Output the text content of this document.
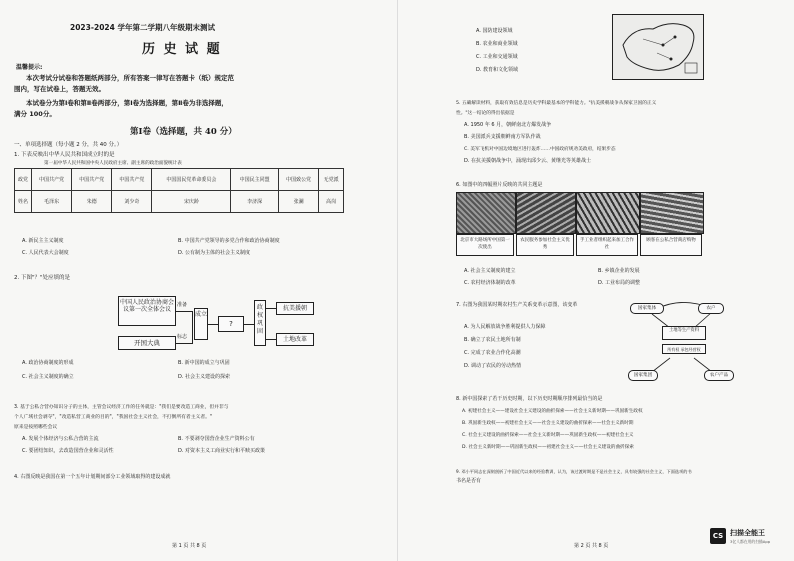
2023-2024 学年第二学期八年级期末测试
历 史 试 题
温馨提示:
本次考试分试卷和答题纸两部分，所有答案一律写在答题卡（纸）规定范
围内，写在试卷上，答题无效。
本试卷分为第Ⅰ卷和第Ⅱ卷两部分，第Ⅰ卷为选择题，第Ⅱ卷为非选择题，
满分 100分。
第Ⅰ卷（选择题，共 40 分）
一、单项选择题（每小题 2 分，共 40 分。）
1. 下表反映出中华人民共和国成立时的是
第一届中华人民共和国中央人民政府主席、副主席的政治面貌统计表
政党	中国共产党	中国共产党	中国共产党	中国国民党革命委员会	中国民主同盟	中国致公党	无党派
姓名	毛泽东	朱德	刘少奇	宋庆龄	李济深	张澜	高岗
A. 新民主主义制度	B. 中国共产党领导的多党合作和政治协商制度
C. 人民代表大会制度	D. 公有制为主体的社会主义制度
2. 下图"？"处应填的是
中国人民政治协商会议第一次全体会议
开国大典
准备
标志
成立
?
政权巩固
抗美援朝
土地改革
A. 政治协商制度的形成	B. 新中国的成立与巩固
C. 社会主义制度的确立	D. 社会主义建设的探索
3. 基于公私合营办知识分子的主体，主管会议经济工作的任务就是："我们是要改造工商业，但并非与
个人广域社会剥夺"，"改造私营工商业的目的"，"我国社会主义社会，不打倒所有者主义者。"
原来是按照哪些会议
A. 发展个体经济与公私合营的主流	B. 不要剥夺国营企业生产资料公有
C. 要团结知识，去改造国营企业和灵活性	D. 对资本主义工商业实行和平赎买政策
4. 右图反映是我国在第一个五年计划期间部分工业领域取得的建设成就
第 1 页 共 8 页
A. 国防建设领域
B. 农业和商业领域
C. 工业和交通领域
D. 教育和文化领域
5. 五确解读材料，获取有效信息是历史学科最基本的学科能力。"抗美援朝战争从保家卫国的正义
性。"这一结论的得出依据是
A. 1950 年 6 月，朝鲜南北方爆发战争
B. 美国派兵支援朝鲜南方军队作战
C. 美军飞机对中国边境地区进行轰炸……中国政府规劝美政府，结果步态
D. 在抗美援朝战争中，涌现出邱少云、黄继光等英雄战士
6. 如图中的四幅照片反映的共同主题是
北京市大路场所中国第一次使出
农民服务参加社会主义优秀
手工业者组织起来加工合作社
顾客在公私合营商店购物
A. 社会主义制度的建立	B. 乡镇企业的发展
C. 农村经济体制的改革	D. 工业布局的调整
7. 右图为我国某时期农村生产关系变革示意图，该变革
A. 为人民解放战争胜利提供人力保障
B. 确立了农民土地所有制
C. 完成了农业合作化高潮
D. 调动了农民的劳动热情
国家集体	农户
土地等生产资料
所有权 承包经营权
国家集团	农户产品
8. 新中国探索了若干历史时期，以下历史时期顺序排列最恰当的是
A. 初建社会主义——建设社会主义建设的曲折探索——社会主义新时期——巩固新生政权
B. 巩固新生政权——初建社会主义——社会主义建设的曲折探索——社会主义新时期
C. 社会主义建设的曲折探索——社会主义新时期——巩固新生政权——初建社会主义
D. 社会主义新时期——巩固新生政权——初建社会主义——社会主义建设的曲折探索
9. 邓小平同志在深刻剖析了中国近代以来的经验教训，认为，该过渡时期是不是社会主义，具有较强的社会主义，下面选项的书
书名是否有
第 2 页 共 8 页
CS 扫描全能王
3亿人都在用的扫描App
